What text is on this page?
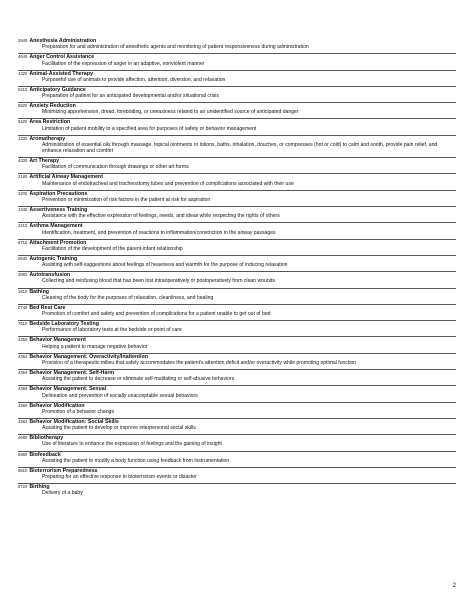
2840 Anesthesia Administration
Preparation for and administration of anesthetic agents and monitoring of patient responsiveness during administration
4640 Anger Control Assistance
Facilitation of the expression of anger in an adaptive, nonviolent manner
4320 Animal-Assisted Therapy
Purposeful use of animals to provide affection, attention, diversion, and relaxation
5210 Anticipatory Guidance
Preparation of patient for an anticipated developmental and/or situational crisis
5820 Anxiety Reduction
Minimizing apprehension, dread, foreboding, or uneasiness related to an unidentified source of anticipated danger
6420 Area Restriction
Limitation of patient mobility to a specified area for purposes of safety or behavior management
1330 Aromatherapy
Administration of essential oils through massage, topical ointments or lotions, baths, inhalation, douches, or compresses (hot or cold) to calm and sooth, provide pain relief, and enhance relaxation and comfort
4330 Art Therapy
Facilitation of communication through drawings or other art forms
3180 Artificial Airway Management
Maintenance of endotracheal and tracheostomy tubes and prevention of complications associated with their use
3200 Aspiration Precautions
Prevention or minimization of risk factors in the patient at risk for aspiration
4340 Assertiveness Training
Assistance with the effective expression of feelings, needs, and ideas while respecting the rights of others
3210 Asthma Management
Identification, treatment, and prevention of reactions to inflammation/constriction in the airway passages
6710 Attachment Promotion
Facilitation of the development of the parent-infant relationship
5840 Autogenic Training
Assisting with self-suggestions about feelings of heaviness and warmth for the purpose of inducing relaxation
2860 Autotransfusion
Collecting and reinfusing blood that has been lost intraoperatively or postoperatively from clean wounds
1610 Bathing
Cleaning of the body for the purposes of relaxation, cleanliness, and healing
0740 Bed Rest Care
Promotion of comfort and safety and prevention of complications for a patient unable to get out of bed
7610 Bedside Laboratory Testing
Performance of laboratory tests at the bedside or point of care
4350 Behavior Management
Helping a patient to manage negative behavior
4352 Behavior Management: Overactivity/Inattention
Provision of a therapeutic milieu that safely accommodates the patient's attention deficit and/or overactivity while promoting optimal function
4354 Behavior Management: Self-Harm
Assisting the patient to decrease or eliminate self-mutilating or self-abusive behaviors
4356 Behavior Management: Sexual
Delineation and prevention of socially unacceptable sexual behaviors
4360 Behavior Modification
Promotion of a behavior change
4362 Behavior Modification: Social Skills
Assisting the patient to develop or improve interpersonal social skills
4680 Bibliotherapy
Use of literature to enhance the expression of feelings and the gaining of insight
5860 Biofeedback
Assisting the patient to modify a body function using feedback from instrumentation
8810 Bioterrorism Preparedness
Preparing for an effective response to bioterrorism events or disaster
6720 Birthing
Delivery of a baby
2
